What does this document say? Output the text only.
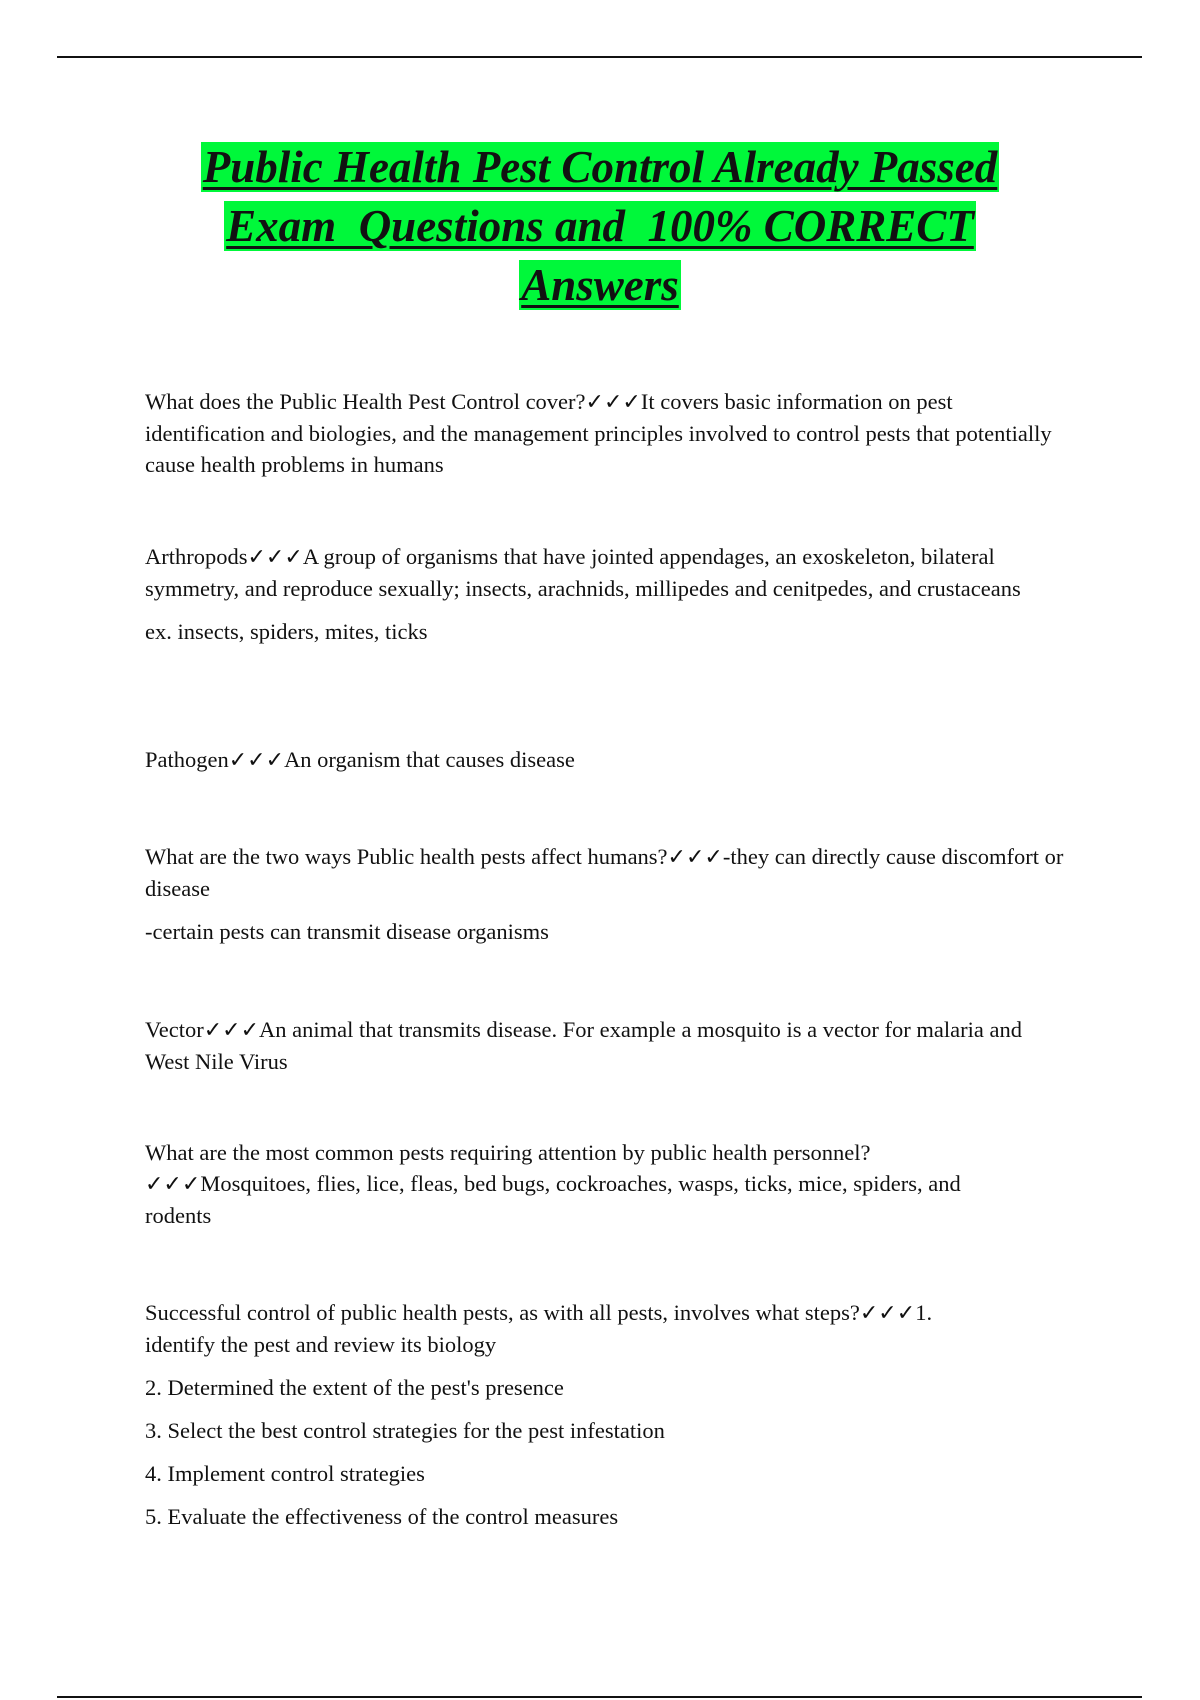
Public Health Pest Control Already Passed
Exam  Questions and  100% CORRECT
Answers

What does the Public Health Pest Control cover?✓✓✓It covers basic information on pest identification and biologies, and the management principles involved to control pests that potentially cause health problems in humans

Arthropods✓✓✓A group of organisms that have jointed appendages, an exoskeleton, bilateral symmetry, and reproduce sexually; insects, arachnids, millipedes and cenitpedes, and crustaceans

ex. insects, spiders, mites, ticks

Pathogen✓✓✓An organism that causes disease

What are the two ways Public health pests affect humans?✓✓✓-they can directly cause discomfort or disease

-certain pests can transmit disease organisms

Vector✓✓✓An animal that transmits disease. For example a mosquito is a vector for malaria and West Nile Virus

What are the most common pests requiring attention by public health personnel?✓✓✓Mosquitoes, flies, lice, fleas, bed bugs, cockroaches, wasps, ticks, mice, spiders, and rodents

Successful control of public health pests, as with all pests, involves what steps?✓✓✓1. identify the pest and review its biology

2. Determined the extent of the pest's presence

3. Select the best control strategies for the pest infestation

4. Implement control strategies

5. Evaluate the effectiveness of the control measures
